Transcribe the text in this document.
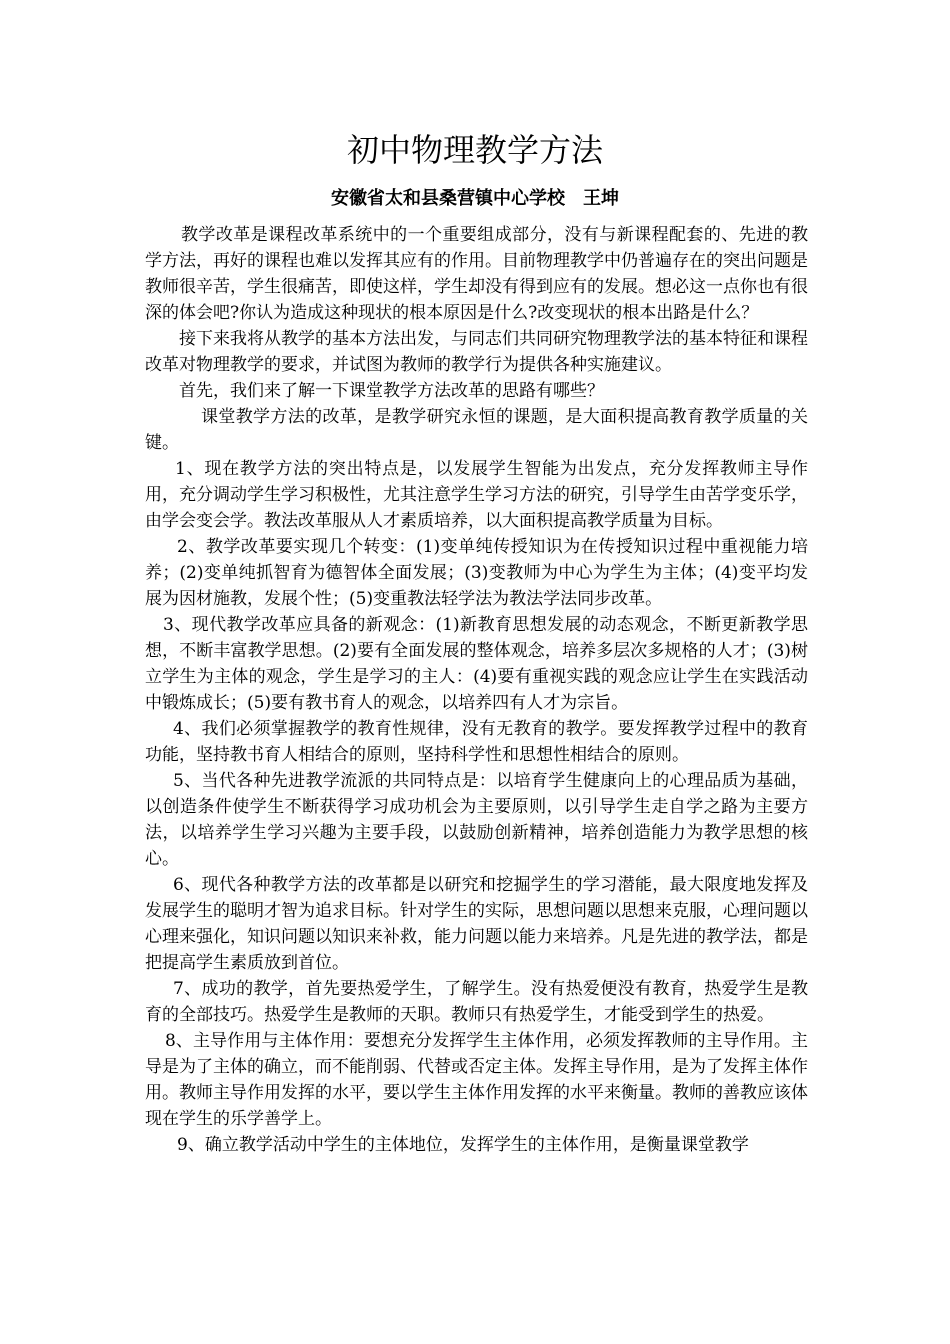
初中物理教学方法
安徽省太和县桑营镇中心学校　王坤

教学改革是课程改革系统中的一个重要组成部分，没有与新课程配套的、先进的教学方法，再好的课程也难以发挥其应有的作用。目前物理教学中仍普遍存在的突出问题是教师很辛苦，学生很痛苦，即使这样，学生却没有得到应有的发展。想必这一点你也有很深的体会吧?你认为造成这种现状的根本原因是什么?改变现状的根本出路是什么？

接下来我将从教学的基本方法出发，与同志们共同研究物理教学法的基本特征和课程改革对物理教学的要求，并试图为教师的教学行为提供各种实施建议。

首先，我们来了解一下课堂教学方法改革的思路有哪些？

课堂教学方法的改革，是教学研究永恒的课题，是大面积提高教育教学质量的关键。

1、现在教学方法的突出特点是，以发展学生智能为出发点，充分发挥教师主导作用，充分调动学生学习积极性，尤其注意学生学习方法的研究，引导学生由苦学变乐学，由学会变会学。教法改革服从人才素质培养，以大面积提高教学质量为目标。

2、教学改革要实现几个转变：(1)变单纯传授知识为在传授知识过程中重视能力培养；(2)变单纯抓智育为德智体全面发展；(3)变教师为中心为学生为主体；(4)变平均发展为因材施教，发展个性；(5)变重教法轻学法为教法学法同步改革。

3、现代教学改革应具备的新观念：(1)新教育思想发展的动态观念，不断更新教学思想，不断丰富教学思想。(2)要有全面发展的整体观念，培养多层次多规格的人才；(3)树立学生为主体的观念，学生是学习的主人：(4)要有重视实践的观念应让学生在实践活动中锻炼成长；(5)要有教书育人的观念，以培养四有人才为宗旨。

4、我们必须掌握教学的教育性规律，没有无教育的教学。要发挥教学过程中的教育功能，坚持教书育人相结合的原则，坚持科学性和思想性相结合的原则。

5、当代各种先进教学流派的共同特点是：以培育学生健康向上的心理品质为基础，以创造条件使学生不断获得学习成功机会为主要原则，以引导学生走自学之路为主要方法，以培养学生学习兴趣为主要手段，以鼓励创新精神，培养创造能力为教学思想的核心。

6、现代各种教学方法的改革都是以研究和挖掘学生的学习潜能，最大限度地发挥及发展学生的聪明才智为追求目标。针对学生的实际，思想问题以思想来克服，心理问题以心理来强化，知识问题以知识来补救，能力问题以能力来培养。凡是先进的教学法，都是把提高学生素质放到首位。

7、成功的教学，首先要热爱学生，了解学生。没有热爱便没有教育，热爱学生是教育的全部技巧。热爱学生是教师的天职。教师只有热爱学生，才能受到学生的热爱。

8、主导作用与主体作用：要想充分发挥学生主体作用，必须发挥教师的主导作用。主导是为了主体的确立，而不能削弱、代替或否定主体。发挥主导作用，是为了发挥主体作用。教师主导作用发挥的水平，要以学生主体作用发挥的水平来衡量。教师的善教应该体现在学生的乐学善学上。

9、确立教学活动中学生的主体地位，发挥学生的主体作用，是衡量课堂教学
